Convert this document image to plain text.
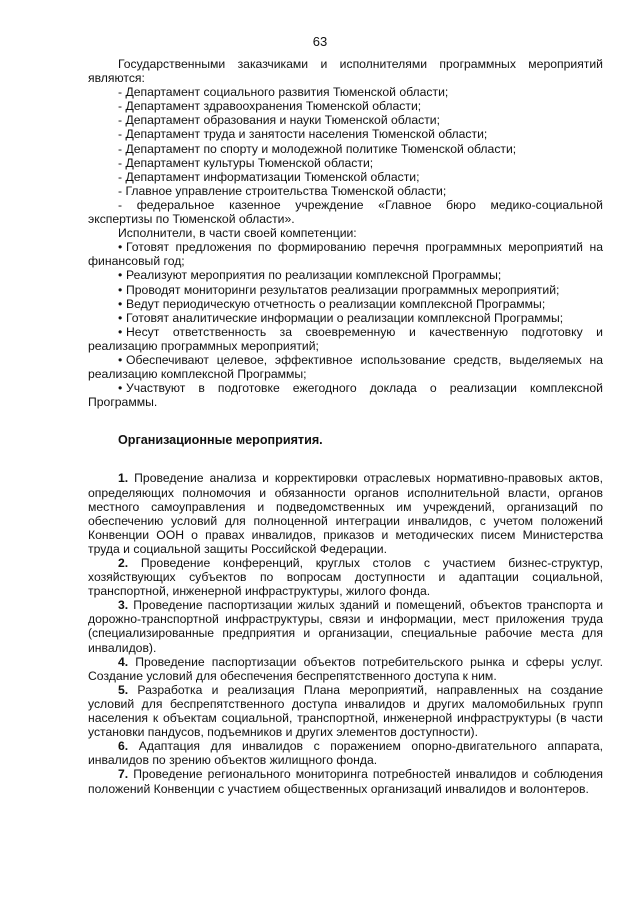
63

Государственными заказчиками и исполнителями программных мероприятий являются:

- Департамент социального развития Тюменской области;

- Департамент здравоохранения Тюменской области;

- Департамент образования и науки Тюменской области;

- Департамент труда и занятости населения Тюменской области;

- Департамент по спорту и молодежной политике Тюменской области;

- Департамент культуры Тюменской области;

- Департамент информатизации Тюменской области;

- Главное управление строительства Тюменской области;

- федеральное казенное учреждение «Главное бюро медико-социальной экспертизы по Тюменской области».

Исполнители, в части своей компетенции:

• Готовят предложения по формированию перечня программных мероприятий на финансовый год;

• Реализуют мероприятия по реализации комплексной Программы;

• Проводят мониторинги результатов реализации программных мероприятий;

• Ведут периодическую отчетность о реализации комплексной Программы;

• Готовят аналитические информации о реализации комплексной Программы;

• Несут ответственность за своевременную и качественную подготовку и реализацию программных мероприятий;

• Обеспечивают целевое, эффективное использование средств, выделяемых на реализацию комплексной Программы;

• Участвуют в подготовке ежегодного доклада о реализации комплексной Программы.

Организационные мероприятия.

1. Проведение анализа и корректировки отраслевых нормативно-правовых актов, определяющих полномочия и обязанности органов исполнительной власти, органов местного самоуправления и подведомственных им учреждений, организаций по обеспечению условий для полноценной интеграции инвалидов, с учетом положений Конвенции ООН о правах инвалидов, приказов и методических писем Министерства труда и социальной защиты Российской Федерации.

2. Проведение конференций, круглых столов с участием бизнес-структур, хозяйствующих субъектов по вопросам доступности и адаптации социальной, транспортной, инженерной инфраструктуры, жилого фонда.

3. Проведение паспортизации жилых зданий и помещений, объектов транспорта и дорожно-транспортной инфраструктуры, связи и информации, мест приложения труда (специализированные предприятия и организации, специальные рабочие места для инвалидов).

4. Проведение паспортизации объектов потребительского рынка и сферы услуг. Создание условий для обеспечения беспрепятственного доступа к ним.

5. Разработка и реализация Плана мероприятий, направленных на создание условий для беспрепятственного доступа инвалидов и других маломобильных групп населения к объектам социальной, транспортной, инженерной инфраструктуры (в части установки пандусов, подъемников и других элементов доступности).

6. Адаптация для инвалидов с поражением опорно-двигательного аппарата, инвалидов по зрению объектов жилищного фонда.

7. Проведение регионального мониторинга потребностей инвалидов и соблюдения положений Конвенции с участием общественных организаций инвалидов и волонтеров.
